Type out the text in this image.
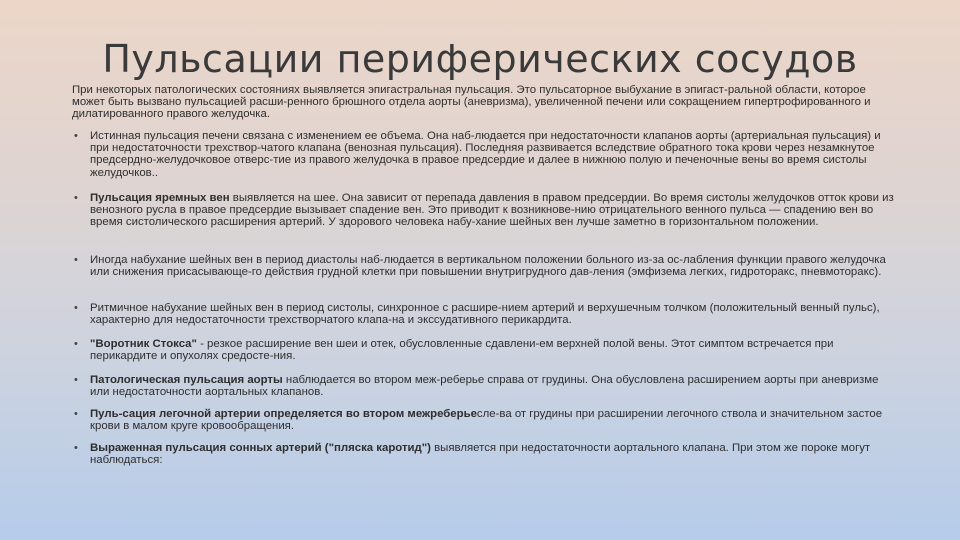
Пульсации периферических сосудов

При некоторых патологических состояниях выявляется эпигастральная пульсация. Это пульсаторное выбухание в эпигаст-ральной области, которое может быть вызвано пульсацией расши-ренного брюшного отдела аорты (аневризма), увеличенной печени или сокращением гипертрофированного и дилатированного правого желудочка.

• Истинная пульсация печени связана с изменением ее объема. Она наб-людается при недостаточности клапанов аорты (артериальная пульсация) и при недостаточности трехствор-чатого клапана (венозная пульсация). Последняя развивается вследствие обратного тока крови через незамкнутое предсердно-желудочковое отверс-тие из правого желудочка в правое предсердие и далее в нижнюю полую и печеночные вены во время систолы желудочков..
• Пульсация яремных вен выявляется на шее. Она зависит от перепада давления в правом предсердии. Во время систолы желудочков отток крови из венозного русла в правое предсердие вызывает спадение вен. Это приводит к возникнове-нию отрицательного венного пульса — спадению вен во время систолического расширения артерий. У здорового человека набу-хание шейных вен лучше заметно в горизонтальном положении.
• Иногда набухание шейных вен в период диастолы наб-людается в вертикальном положении больного из-за ос-лабления функции правого желудочка или снижения присасывающе-го действия грудной клетки при повышении внутригрудного дав-ления (эмфизема легких, гидроторакс, пневмоторакс).
• Ритмичное набухание шейных вен в период систолы, синхронное с расшире-нием артерий и верхушечным толчком (положительный венный пульс), характерно для недостаточности трехстворчатого клапа-на и экссудативного перикардита.
• "Воротник Стокса" - резкое расширение вен шеи и отек, обусловленные сдавлени-ем верхней полой вены. Этот симптом встречается при перикардите и опухолях средосте-ния.
• Патологическая пульсация аорты наблюдается во втором меж-реберье справа от грудины. Она обусловлена расширением аорты при аневризме или недостаточности аортальных клапанов.
• Пуль-сация легочной артерии определяется во втором межреберьесле-ва от грудины при расширении легочного ствола и значительном застое крови в малом круге кровообращения.
• Выраженная пульсация сонных артерий ("пляска каротид") выявляется при недостаточности аортального клапана. При этом же пороке могут наблюдаться:
